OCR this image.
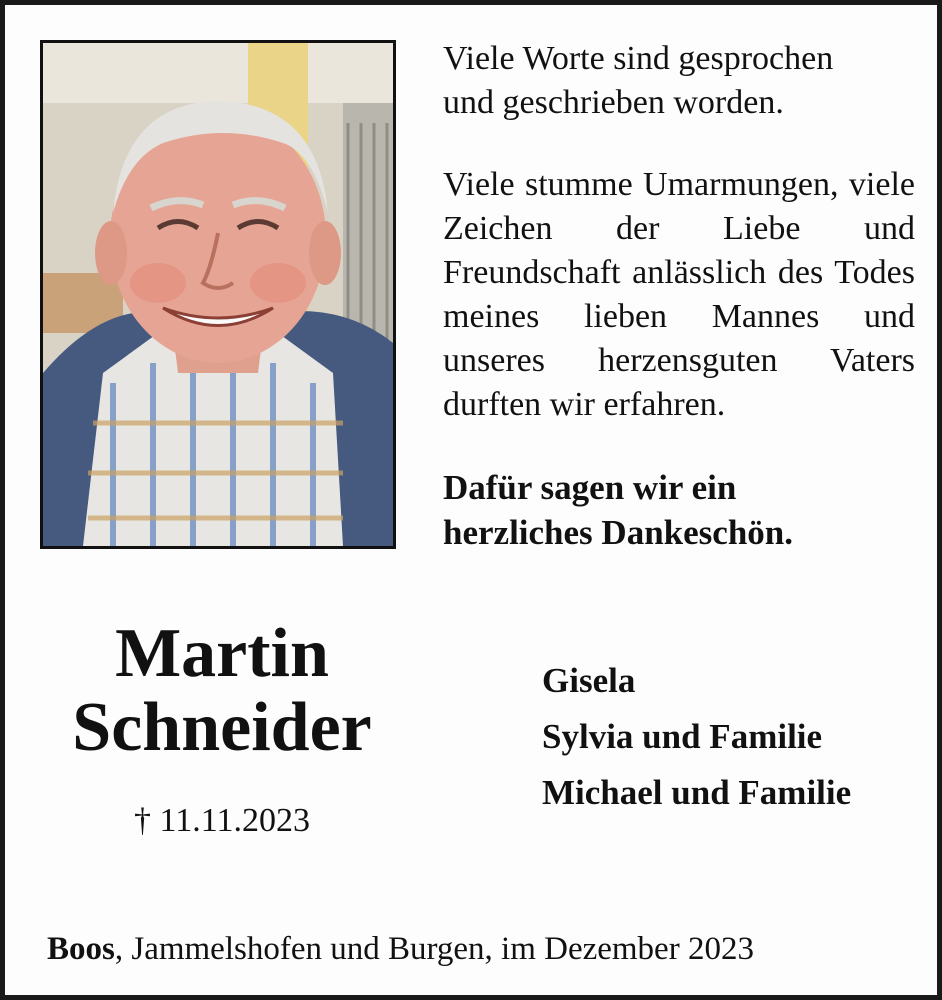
Viele Worte sind gesprochen
und geschrieben worden.

Viele stumme Umarmungen, viele Zeichen der Liebe und Freundschaft anlässlich des Todes meines lieben Mannes und unseres herzensguten Vaters durften wir erfahren.

Dafür sagen wir ein
herzliches Dankeschön.

Martin
Schneider

† 11.11.2023
Gisela
Sylvia und Familie
Michael und Familie
Boos, Jammelshofen und Burgen, im Dezember 2023
